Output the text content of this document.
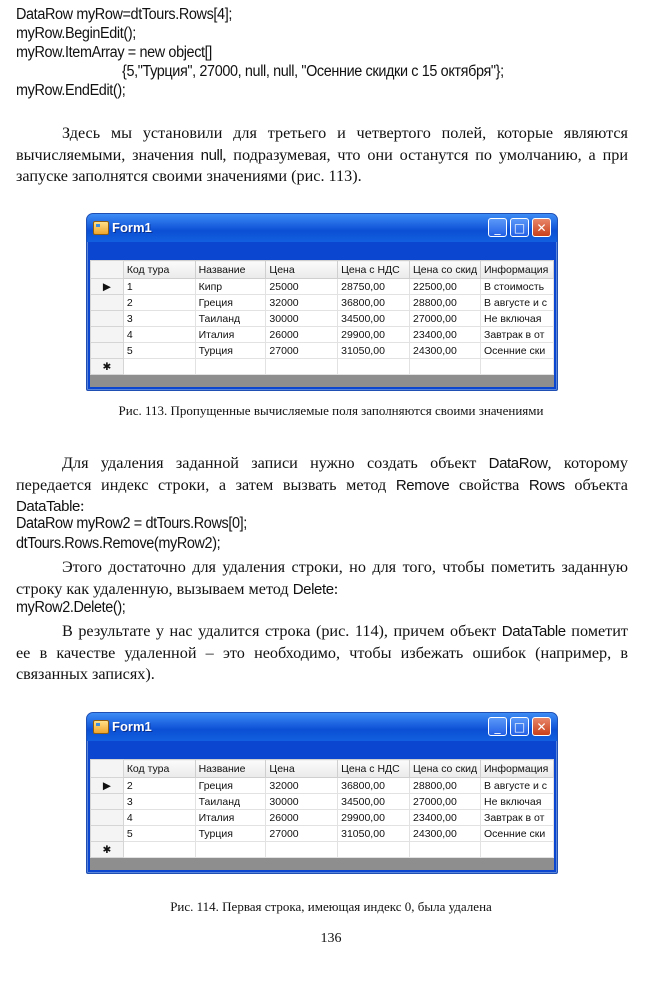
DataRow myRow=dtTours.Rows[4];
myRow.BeginEdit();
myRow.ItemArray = new object[]
{5,"Турция", 27000, null, null, "Осенние скидки с 15 октября"};
myRow.EndEdit();
Здесь мы установили для третьего и четвертого полей, которые являются вычисляемыми, значения null, подразумевая, что они останутся по умолчанию, а при запуске заполнятся своими значениями (рис. 113).
Form1	_	□ ✕
	Код тура	Название	Цена	Цена с НДС	Цена со скид	Информация
▶	1	Кипр	25000	28750,00	22500,00	В стоимость
	2	Греция	32000	36800,00	28800,00	В августе и с
	3	Таиланд	30000	34500,00	27000,00	Не включая
	4	Италия	26000	29900,00	23400,00	Завтрак в от
	5	Турция	27000	31050,00	24300,00	Осенние ски
✱						
Рис. 113. Пропущенные вычисляемые поля заполняются своими значениями
Для удаления заданной записи нужно создать объект DataRow, которому передается индекс строки, а затем вызвать метод Remove свойства Rows объекта DataTable:
DataRow myRow2 = dtTours.Rows[0];
dtTours.Rows.Remove(myRow2);
Этого достаточно для удаления строки, но для того, чтобы пометить заданную строку как удаленную, вызываем метод Delete:
myRow2.Delete();
В результате у нас удалится строка (рис. 114), причем объект DataTable пометит ее в качестве удаленной – это необходимо, чтобы избежать ошибок (например, в связанных записях).
Form1	_	□ ✕
	Код тура	Название	Цена	Цена с НДС	Цена со скид	Информация
▶	2	Греция	32000	36800,00	28800,00	В августе и с
	3	Таиланд	30000	34500,00	27000,00	Не включая
	4	Италия	26000	29900,00	23400,00	Завтрак в от
	5	Турция	27000	31050,00	24300,00	Осенние ски
✱						
Рис. 114. Первая строка, имеющая индекс 0, была удалена
136
